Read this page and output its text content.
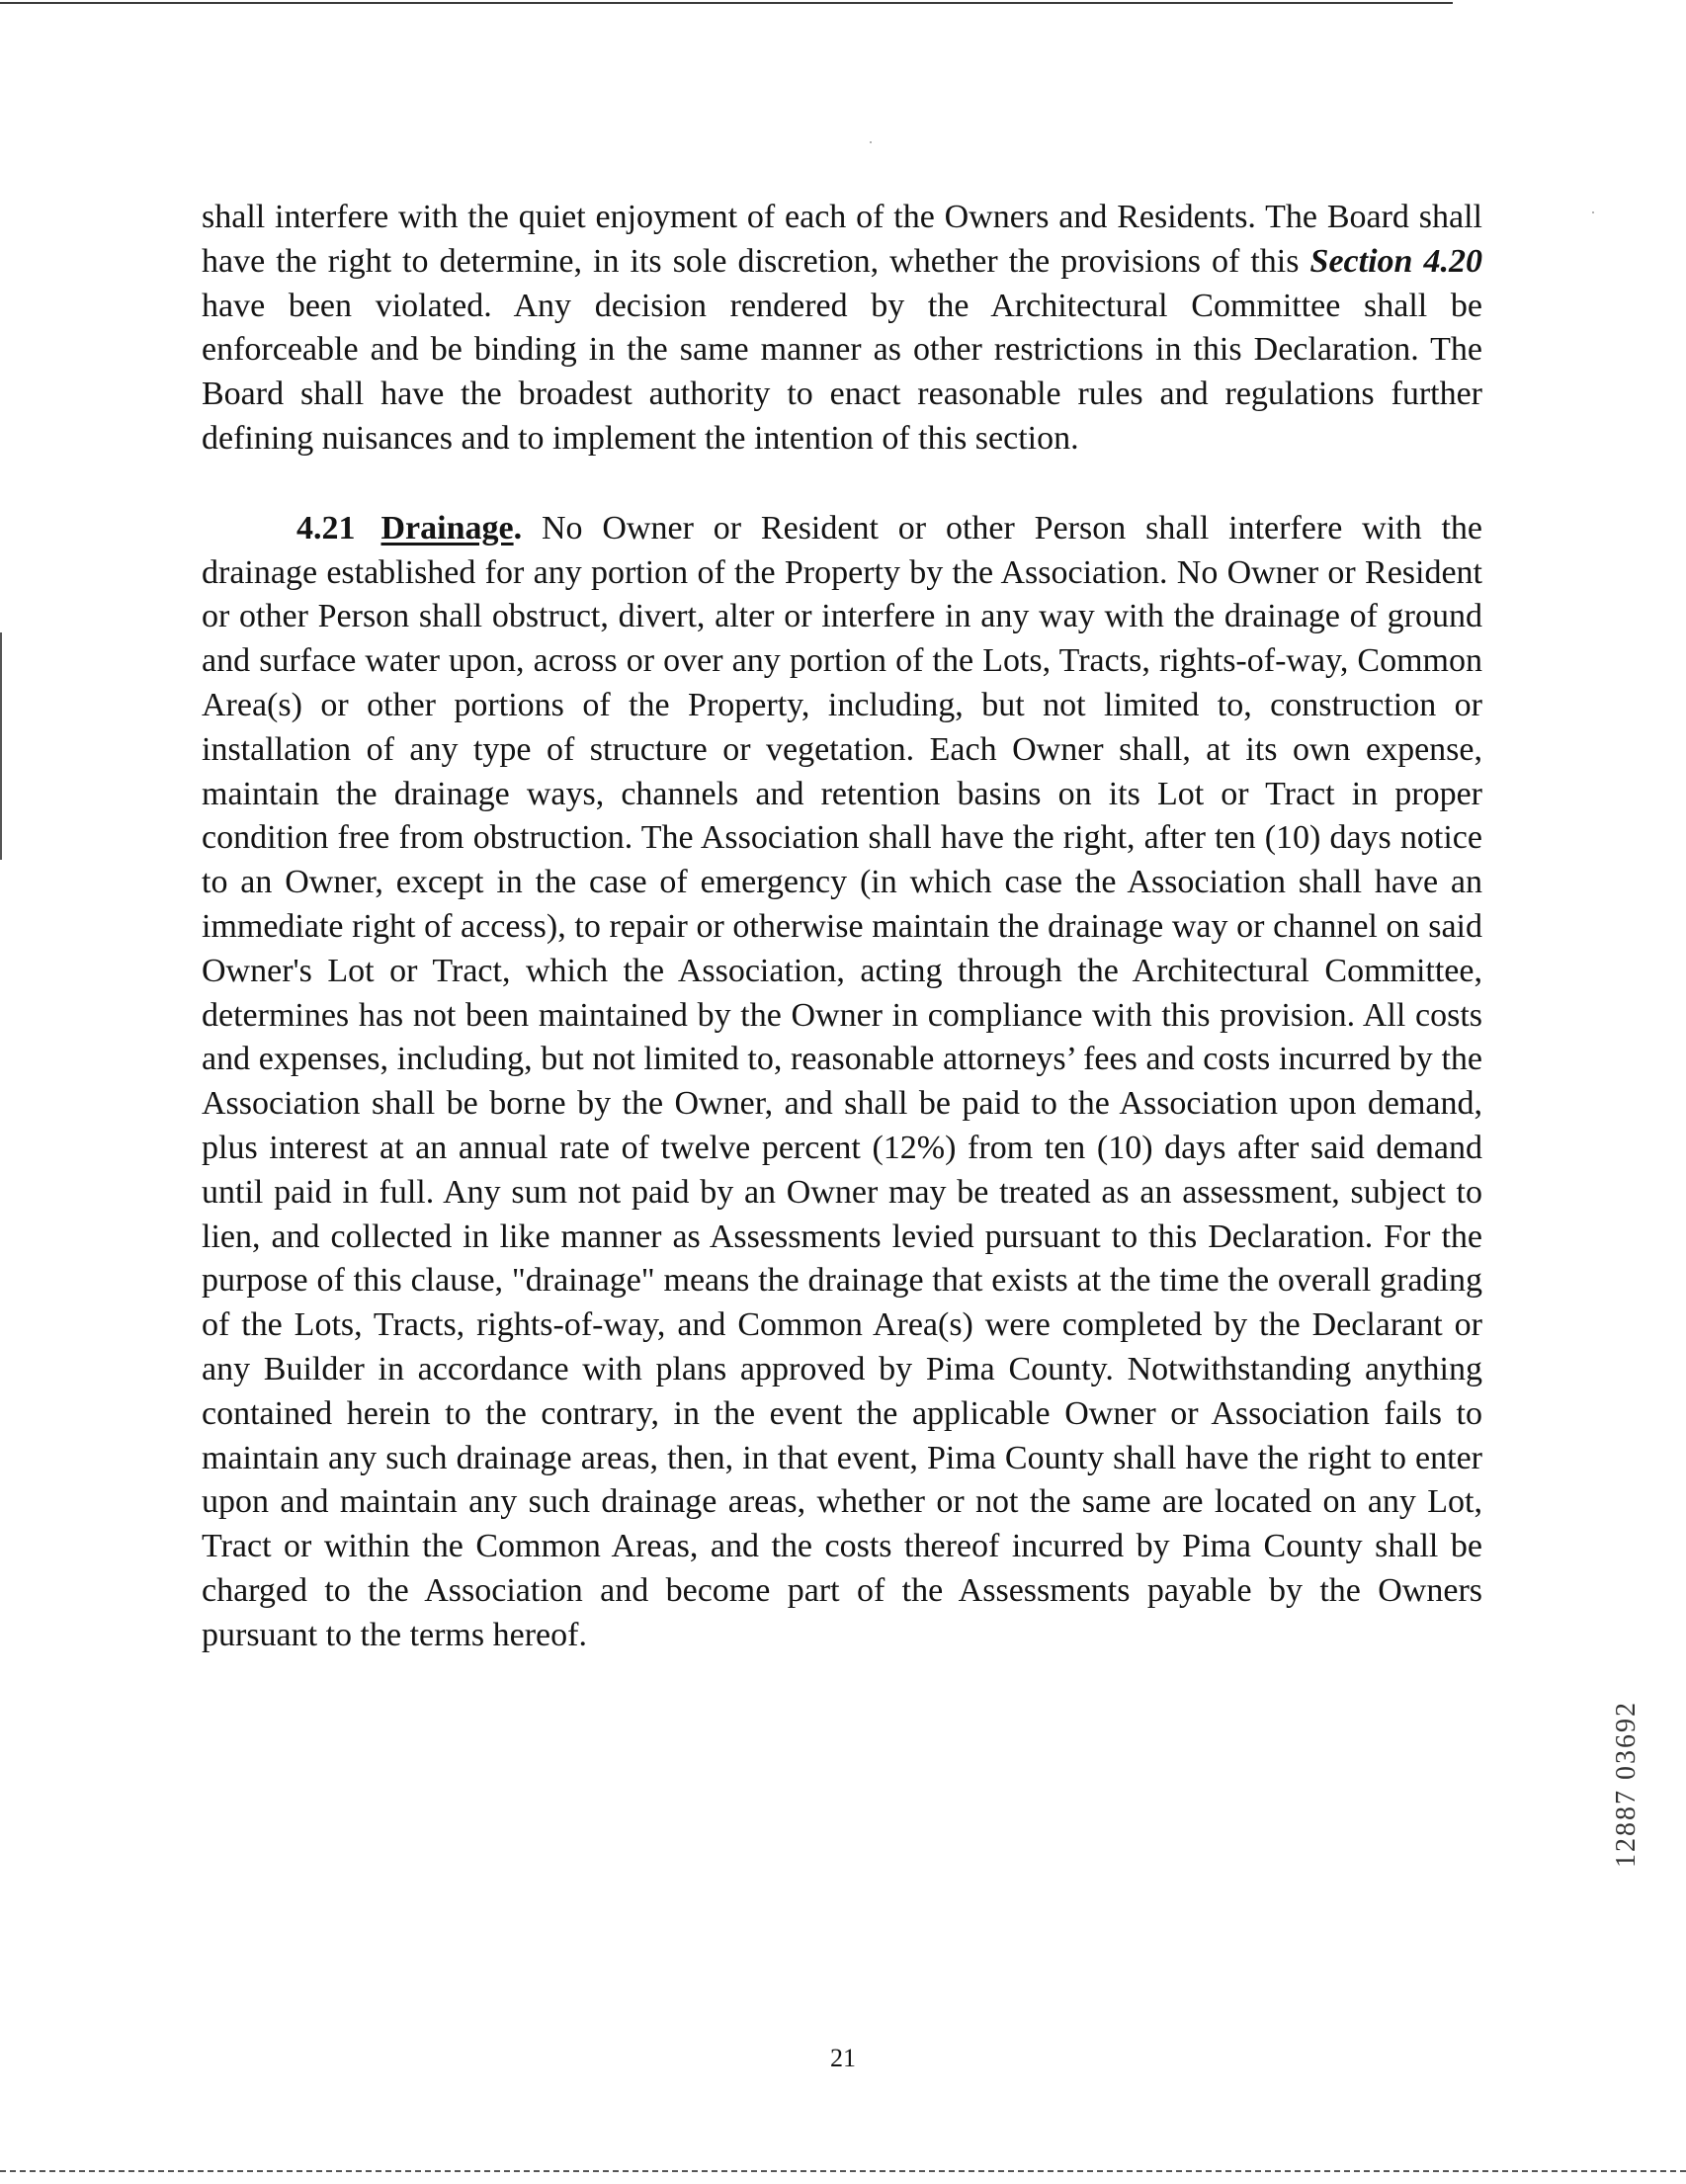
shall interfere with the quiet enjoyment of each of the Owners and Residents. The Board shall have the right to determine, in its sole discretion, whether the provisions of this Section 4.20 have been violated. Any decision rendered by the Architectural Committee shall be enforceable and be binding in the same manner as other restrictions in this Declaration. The Board shall have the broadest authority to enact reasonable rules and regulations further defining nuisances and to implement the intention of this section.

4.21 Drainage. No Owner or Resident or other Person shall interfere with the drainage established for any portion of the Property by the Association. No Owner or Resident or other Person shall obstruct, divert, alter or interfere in any way with the drainage of ground and surface water upon, across or over any portion of the Lots, Tracts, rights-of-way, Common Area(s) or other portions of the Property, including, but not limited to, construction or installation of any type of structure or vegetation. Each Owner shall, at its own expense, maintain the drainage ways, channels and retention basins on its Lot or Tract in proper condition free from obstruction. The Association shall have the right, after ten (10) days notice to an Owner, except in the case of emergency (in which case the Association shall have an immediate right of access), to repair or otherwise maintain the drainage way or channel on said Owner's Lot or Tract, which the Association, acting through the Architectural Committee, determines has not been maintained by the Owner in compliance with this provision. All costs and expenses, including, but not limited to, reasonable attorneys’ fees and costs incurred by the Association shall be borne by the Owner, and shall be paid to the Association upon demand, plus interest at an annual rate of twelve percent (12%) from ten (10) days after said demand until paid in full. Any sum not paid by an Owner may be treated as an assessment, subject to lien, and collected in like manner as Assessments levied pursuant to this Declaration. For the purpose of this clause, "drainage" means the drainage that exists at the time the overall grading of the Lots, Tracts, rights-of-way, and Common Area(s) were completed by the Declarant or any Builder in accordance with plans approved by Pima County. Notwithstanding anything contained herein to the contrary, in the event the applicable Owner or Association fails to maintain any such drainage areas, then, in that event, Pima County shall have the right to enter upon and maintain any such drainage areas, whether or not the same are located on any Lot, Tract or within the Common Areas, and the costs thereof incurred by Pima County shall be charged to the Association and become part of the Assessments payable by the Owners pursuant to the terms hereof.

12887 03692
21
